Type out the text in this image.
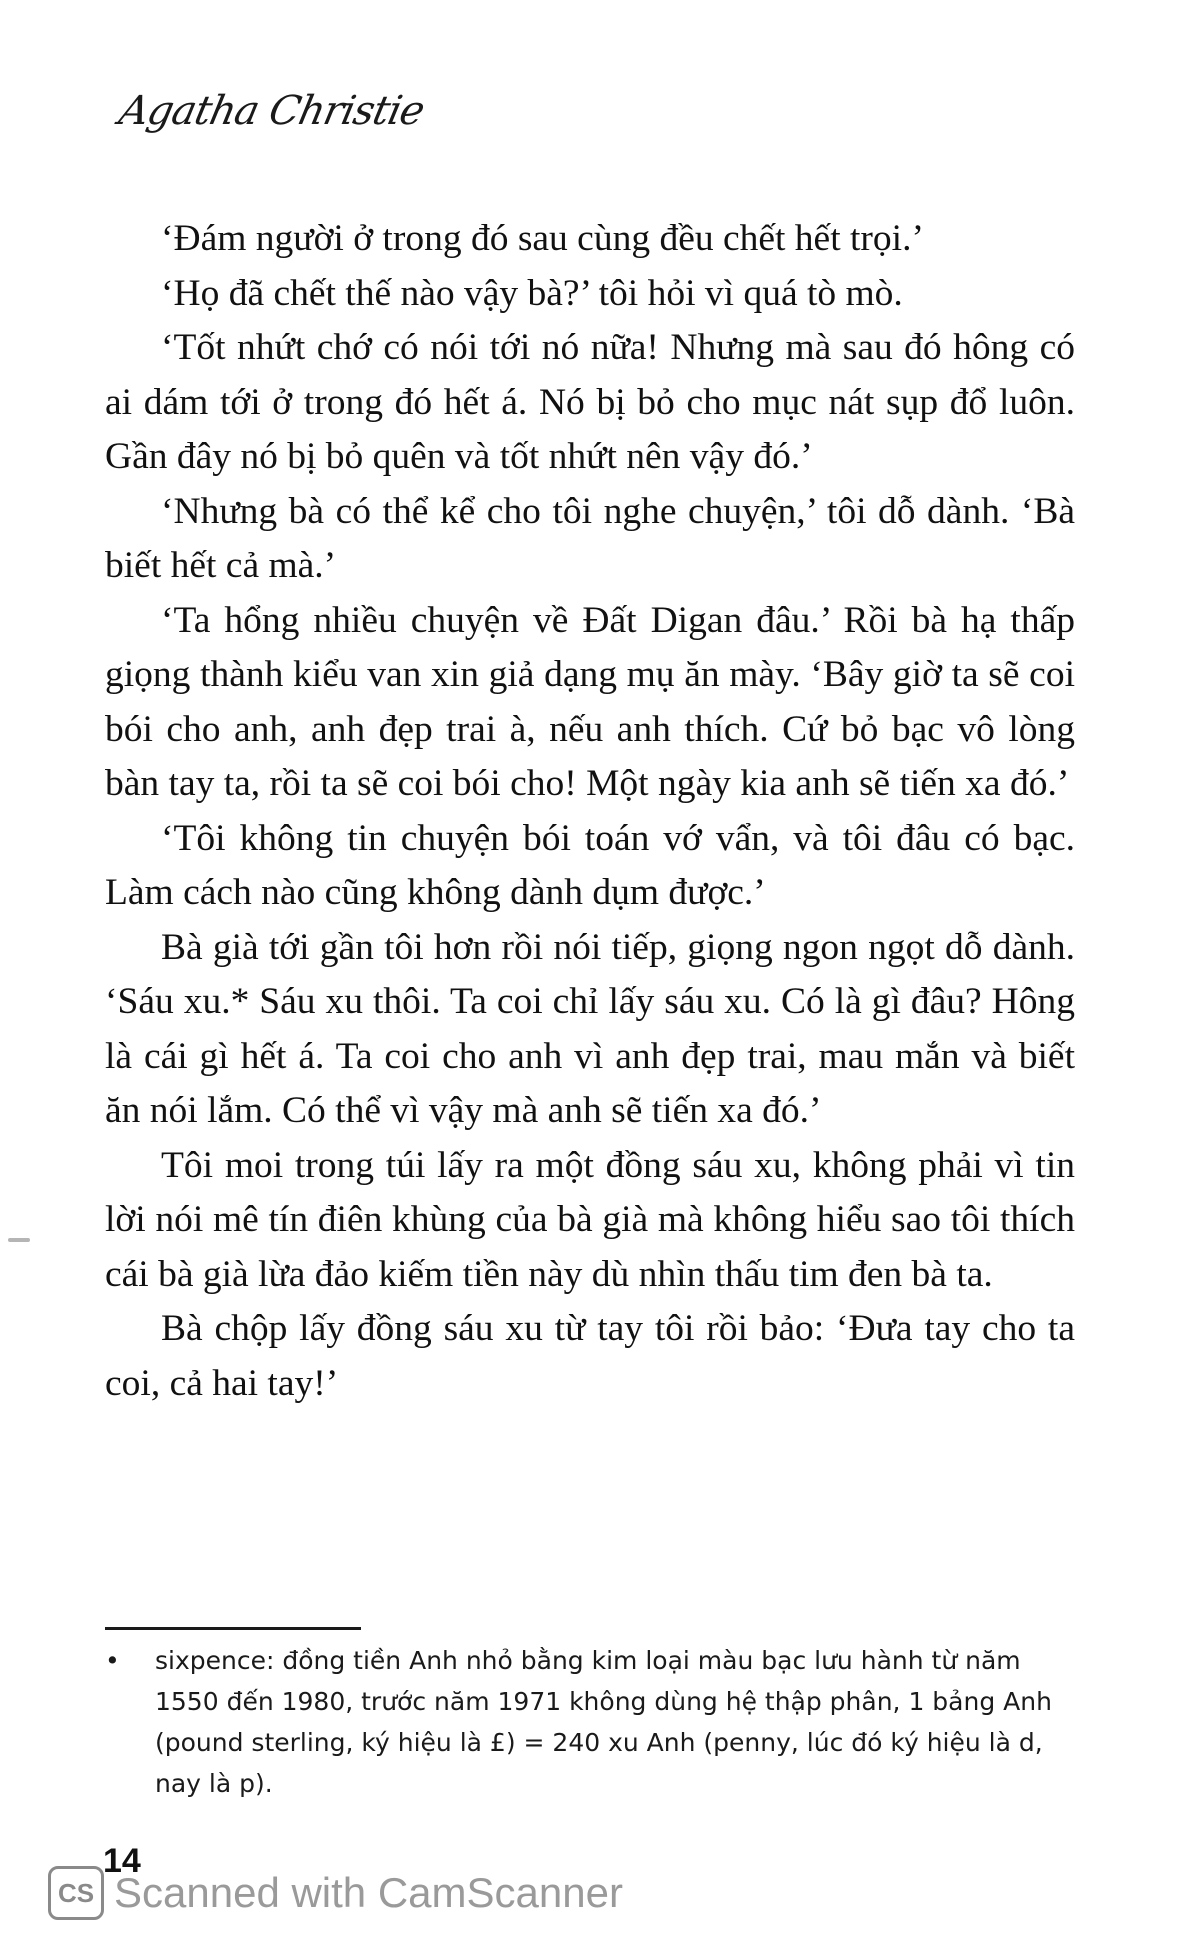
Agatha Christie

‘Đám người ở trong đó sau cùng đều chết hết trọi.’

‘Họ đã chết thế nào vậy bà?’ tôi hỏi vì quá tò mò.

‘Tốt nhứt chớ có nói tới nó nữa! Nhưng mà sau đó hông có ai dám tới ở trong đó hết á. Nó bị bỏ cho mục nát sụp đổ luôn. Gần đây nó bị bỏ quên và tốt nhứt nên vậy đó.’

‘Nhưng bà có thể kể cho tôi nghe chuyện,’ tôi dỗ dành. ‘Bà biết hết cả mà.’

‘Ta hổng nhiều chuyện về Đất Digan đâu.’ Rồi bà hạ thấp giọng thành kiểu van xin giả dạng mụ ăn mày. ‘Bây giờ ta sẽ coi bói cho anh, anh đẹp trai à, nếu anh thích. Cứ bỏ bạc vô lòng bàn tay ta, rồi ta sẽ coi bói cho! Một ngày kia anh sẽ tiến xa đó.’

‘Tôi không tin chuyện bói toán vớ vẩn, và tôi đâu có bạc. Làm cách nào cũng không dành dụm được.’

Bà già tới gần tôi hơn rồi nói tiếp, giọng ngon ngọt dỗ dành. ‘Sáu xu.* Sáu xu thôi. Ta coi chỉ lấy sáu xu. Có là gì đâu? Hông là cái gì hết á. Ta coi cho anh vì anh đẹp trai, mau mắn và biết ăn nói lắm. Có thể vì vậy mà anh sẽ tiến xa đó.’

Tôi moi trong túi lấy ra một đồng sáu xu, không phải vì tin lời nói mê tín điên khùng của bà già mà không hiểu sao tôi thích cái bà già lừa đảo kiếm tiền này dù nhìn thấu tim đen bà ta.

Bà chộp lấy đồng sáu xu từ tay tôi rồi bảo: ‘Đưa tay cho ta coi, cả hai tay!’

•	sixpence: đồng tiền Anh nhỏ bằng kim loại màu bạc lưu hành từ năm 1550 đến 1980, trước năm 1971 không dùng hệ thập phân, 1 bảng Anh (pound sterling, ký hiệu là £) = 240 xu Anh (penny, lúc đó ký hiệu là d, nay là p).
14
CS Scanned with CamScanner
